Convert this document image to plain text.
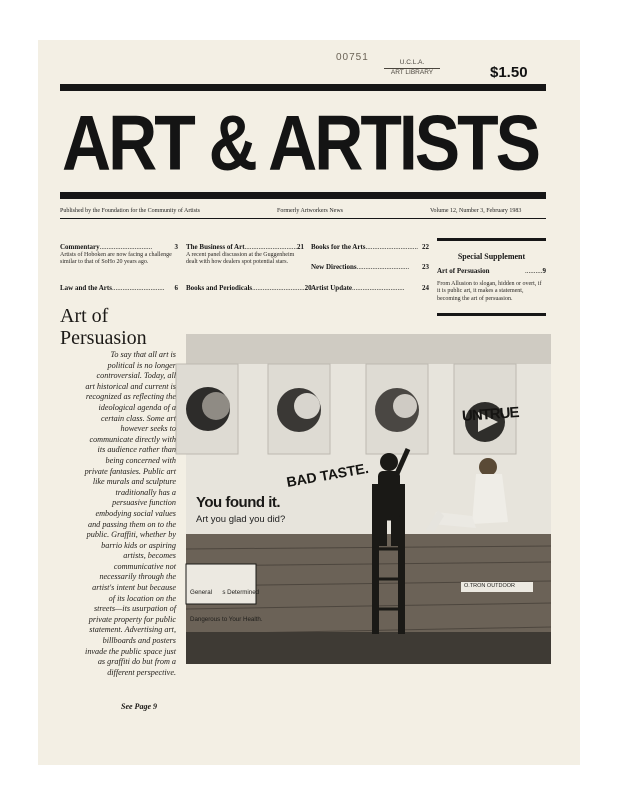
00751	U.C.L.A.
ART LIBRARY	$1.50
ART & ARTISTS
Published by the Foundation for the Community of Artists	Formerly Artworkers News	Volume 12, Number 3, February 1983
Commentary ..............................	3
Artists of Hoboken are now facing a challenge similar to that of SoHo 20 years ago.
Law and the Arts ..............................	6
The Business of Art .............................. 21
A recent panel discussion at the Guggenheim dealt with how dealers spot potential stars.
Books and Periodicals .............................. 20
Books for the Arts .............................. 22
New Directions ..............................	23
Artist Update ..............................	24
Special Supplement
Art of Persuasion	.......... 9
From Allusion to slogan, hidden or overt, if it is public art, it makes a statement, becoming the art of persuasion.
Art of
Persuasion
To say that all art is
political is no longer
controversial. Today, all
art historical and current is
recognized as reflecting the
ideological agenda of a
certain class. Some art
however seeks to
communicate directly with
its audience rather than
being concerned with
private fantasies. Public art
like murals and sculpture
traditionally has a
persuasive function
embodying social values
and passing them on to the
public. Graffiti, whether by
barrio kids or aspiring
artists, becomes
communicative not
necessarily through the
artist's intent but because
of its location on the
streets—its usurpation of
private property for public
statement. Advertising art,
billboards and posters
invade the public space just
as graffiti do but from a
different perspective.
See Page 9
You found it.
Art you glad you did?
BAD TASTE.
UNTRUE

General      s Determined

Dangerous to Your Health.

O.TRON OUTDOOR
